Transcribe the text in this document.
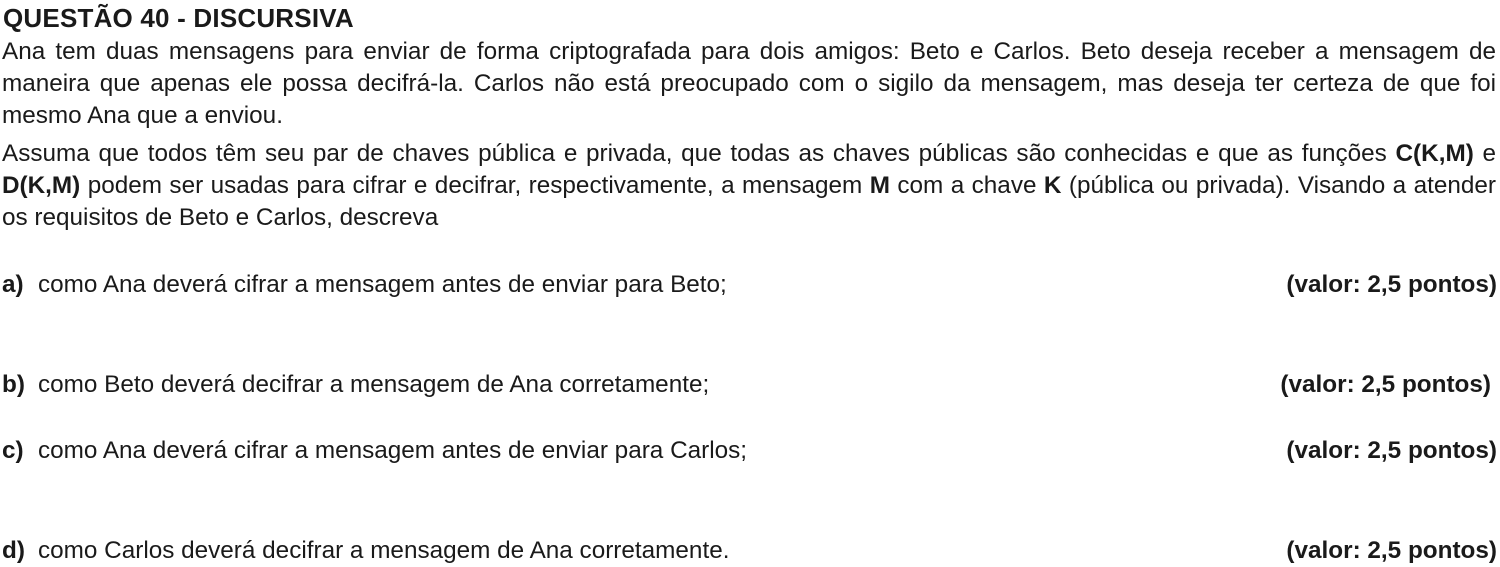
QUESTÃO 40 - DISCURSIVA

Ana tem duas mensagens para enviar de forma criptografada para dois amigos: Beto e Carlos. Beto deseja receber a mensagem de maneira que apenas ele possa decifrá-la. Carlos não está preocupado com o sigilo da mensagem, mas deseja ter certeza de que foi mesmo Ana que a enviou.

Assuma que todos têm seu par de chaves pública e privada, que todas as chaves públicas são conhecidas e que as funções C(K,M) e D(K,M) podem ser usadas para cifrar e decifrar, respectivamente, a mensagem M com a chave K (pública ou privada). Visando a atender os requisitos de Beto e Carlos, descreva

a) como Ana deverá cifrar a mensagem antes de enviar para Beto;	(valor: 2,5 pontos)
b) como Beto deverá decifrar a mensagem de Ana corretamente;	(valor: 2,5 pontos)
c) como Ana deverá cifrar a mensagem antes de enviar para Carlos;	(valor: 2,5 pontos)
d) como Carlos deverá decifrar a mensagem de Ana corretamente.	(valor: 2,5 pontos)
